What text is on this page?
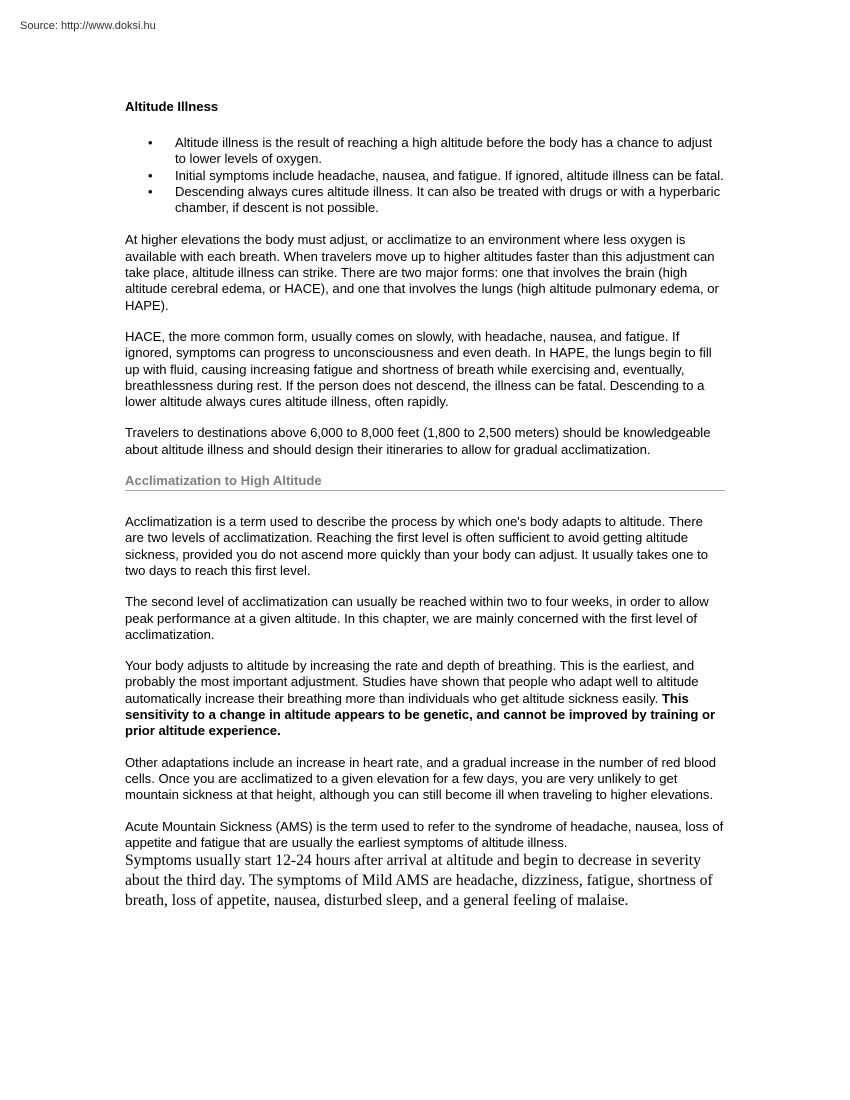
Source: http://www.doksi.hu
Altitude Illness
• Altitude illness is the result of reaching a high altitude before the body has a chance to adjust to lower levels of oxygen.
• Initial symptoms include headache, nausea, and fatigue. If ignored, altitude illness can be fatal.
• Descending always cures altitude illness. It can also be treated with drugs or with a hyperbaric chamber, if descent is not possible.

At higher elevations the body must adjust, or acclimatize to an environment where less oxygen is available with each breath. When travelers move up to higher altitudes faster than this adjustment can take place, altitude illness can strike. There are two major forms: one that involves the brain (high altitude cerebral edema, or HACE), and one that involves the lungs (high altitude pulmonary edema, or HAPE).

HACE, the more common form, usually comes on slowly, with headache, nausea, and fatigue. If ignored, symptoms can progress to unconsciousness and even death. In HAPE, the lungs begin to fill up with fluid, causing increasing fatigue and shortness of breath while exercising and, eventually, breathlessness during rest. If the person does not descend, the illness can be fatal. Descending to a lower altitude always cures altitude illness, often rapidly.

Travelers to destinations above 6,000 to 8,000 feet (1,800 to 2,500 meters) should be knowledgeable about altitude illness and should design their itineraries to allow for gradual acclimatization.

Acclimatization to High Altitude

Acclimatization is a term used to describe the process by which one's body adapts to altitude. There are two levels of acclimatization. Reaching the first level is often sufficient to avoid getting altitude sickness, provided you do not ascend more quickly than your body can adjust. It usually takes one to two days to reach this first level.

The second level of acclimatization can usually be reached within two to four weeks, in order to allow peak performance at a given altitude. In this chapter, we are mainly concerned with the first level of acclimatization.

Your body adjusts to altitude by increasing the rate and depth of breathing. This is the earliest, and probably the most important adjustment. Studies have shown that people who adapt well to altitude automatically increase their breathing more than individuals who get altitude sickness easily. This sensitivity to a change in altitude appears to be genetic, and cannot be improved by training or prior altitude experience.

Other adaptations include an increase in heart rate, and a gradual increase in the number of red blood cells. Once you are acclimatized to a given elevation for a few days, you are very unlikely to get mountain sickness at that height, although you can still become ill when traveling to higher elevations.

Acute Mountain Sickness (AMS) is the term used to refer to the syndrome of headache, nausea, loss of appetite and fatigue that are usually the earliest symptoms of altitude illness.

Symptoms usually start 12-24 hours after arrival at altitude and begin to decrease in severity about the third day. The symptoms of Mild AMS are headache, dizziness, fatigue, shortness of breath, loss of appetite, nausea, disturbed sleep, and a general feeling of malaise.
